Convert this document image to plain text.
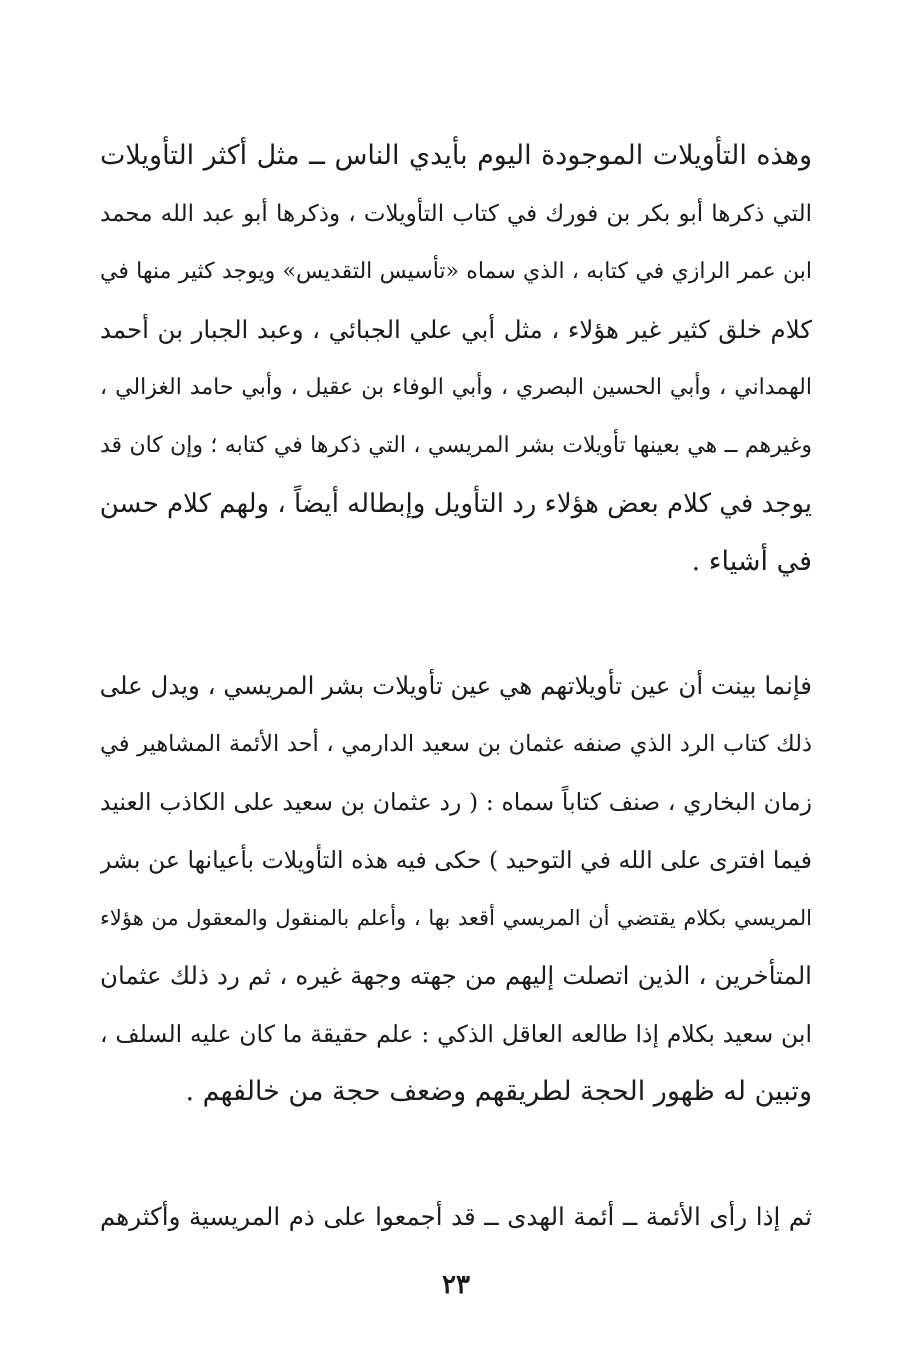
وهذه التأويلات الموجودة اليوم بأيدي الناس ــ مثل أكثر التأويلات
التي ذكرها أبو بكر بن فورك في كتاب التأويلات ، وذكرها أبو عبد الله محمد
ابن عمر الرازي في كتابه ، الذي سماه «تأسيس التقديس» ويوجد كثير منها في
كلام خلق كثير غير هؤلاء ، مثل أبي علي الجبائي ، وعبد الجبار بن أحمد
الهمداني ، وأبي الحسين البصري ، وأبي الوفاء بن عقيل ، وأبي حامد الغزالي ،
وغيرهم ــ هي بعينها تأويلات بشر المريسي ، التي ذكرها في كتابه ؛ وإن كان قد
يوجد في كلام بعض هؤلاء رد التأويل وإبطاله أيضاً ، ولهم كلام حسن
في أشياء .
فإنما بينت أن عين تأويلاتهم هي عين تأويلات بشر المريسي ، ويدل على
ذلك كتاب الرد الذي صنفه عثمان بن سعيد الدارمي ، أحد الأئمة المشاهير في
زمان البخاري ، صنف كتاباً سماه : ( رد عثمان بن سعيد على الكاذب العنيد
فيما افترى على الله في التوحيد ) حكى فيه هذه التأويلات بأعيانها عن بشر
المريسي بكلام يقتضي أن المريسي أقعد بها ، وأعلم بالمنقول والمعقول من هؤلاء
المتأخرين ، الذين اتصلت إليهم من جهته وجهة غيره ، ثم رد ذلك عثمان
ابن سعيد بكلام إذا طالعه العاقل الذكي : علم حقيقة ما كان عليه السلف ،
وتبين له ظهور الحجة لطريقهم وضعف حجة من خالفهم .
ثم إذا رأى الأئمة ــ أئمة الهدى ــ قد أجمعوا على ذم المريسية وأكثرهم
٢٣
